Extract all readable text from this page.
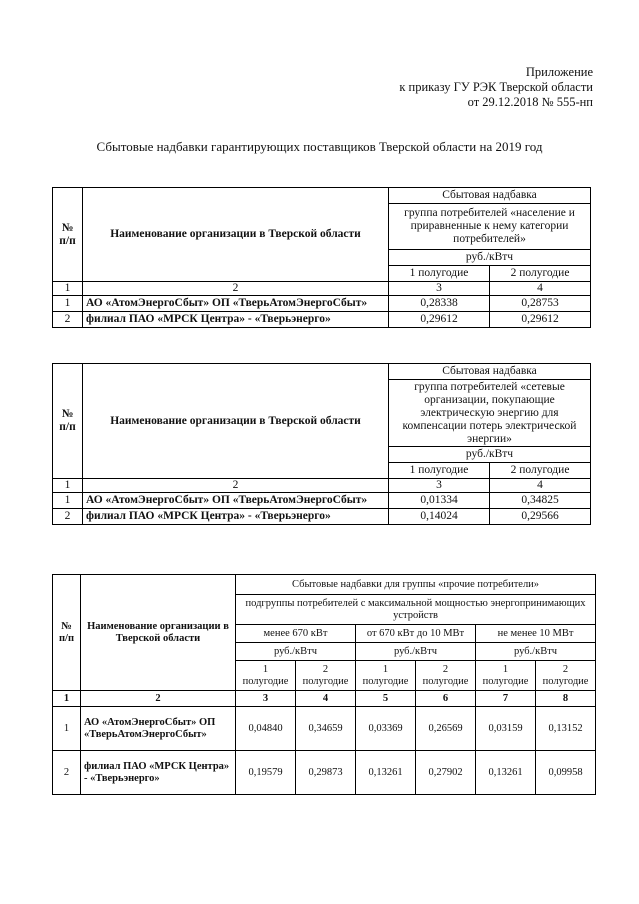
Приложение
к приказу ГУ РЭК Тверской области
от 29.12.2018 № 555-нп
Сбытовые надбавки гарантирующих поставщиков Тверской области на 2019 год
№ п/п	Наименование организации в Тверской области	Сбытовая надбавка	
		группа потребителей «население и приравненные к нему категории потребителей»	
		руб./кВтч	
		1 полугодие	2 полугодие
1	2	3	4
1	АО «АтомЭнергоСбыт» ОП «ТверьАтомЭнергоСбыт»	0,28338	0,28753
2	филиал ПАО «МРСК Центра» - «Тверьэнерго»	0,29612	0,29612
№ п/п	Наименование организации в Тверской области	Сбытовая надбавка	
		группа потребителей «сетевые организации, покупающие электрическую энергию для компенсации потерь электрической энергии»	
		руб./кВтч	
		1 полугодие	2 полугодие
1	2	3	4
1	АО «АтомЭнергоСбыт» ОП «ТверьАтомЭнергоСбыт»	0,01334	0,34825
2	филиал ПАО «МРСК Центра» - «Тверьэнерго»	0,14024	0,29566
№ п/п	Наименование организации в Тверской области	Сбытовые надбавки для группы «прочие потребители»					
		подгруппы потребителей с максимальной мощностью энергопринимающих устройств					
		менее 670 кВт		от 670 кВт до 10 МВт		не менее 10 МВт	
		руб./кВтч		руб./кВтч		руб./кВтч	
		1 полугодие	2 полугодие	1 полугодие	2 полугодие	1 полугодие	2 полугодие
1	2	3	4	5	6	7	8
1	АО «АтомЭнергоСбыт» ОП «ТверьАтомЭнергоСбыт»	0,04840	0,34659	0,03369	0,26569	0,03159	0,13152
2	филиал ПАО «МРСК Центра» - «Тверьэнерго»	0,19579	0,29873	0,13261	0,27902	0,13261	0,09958
